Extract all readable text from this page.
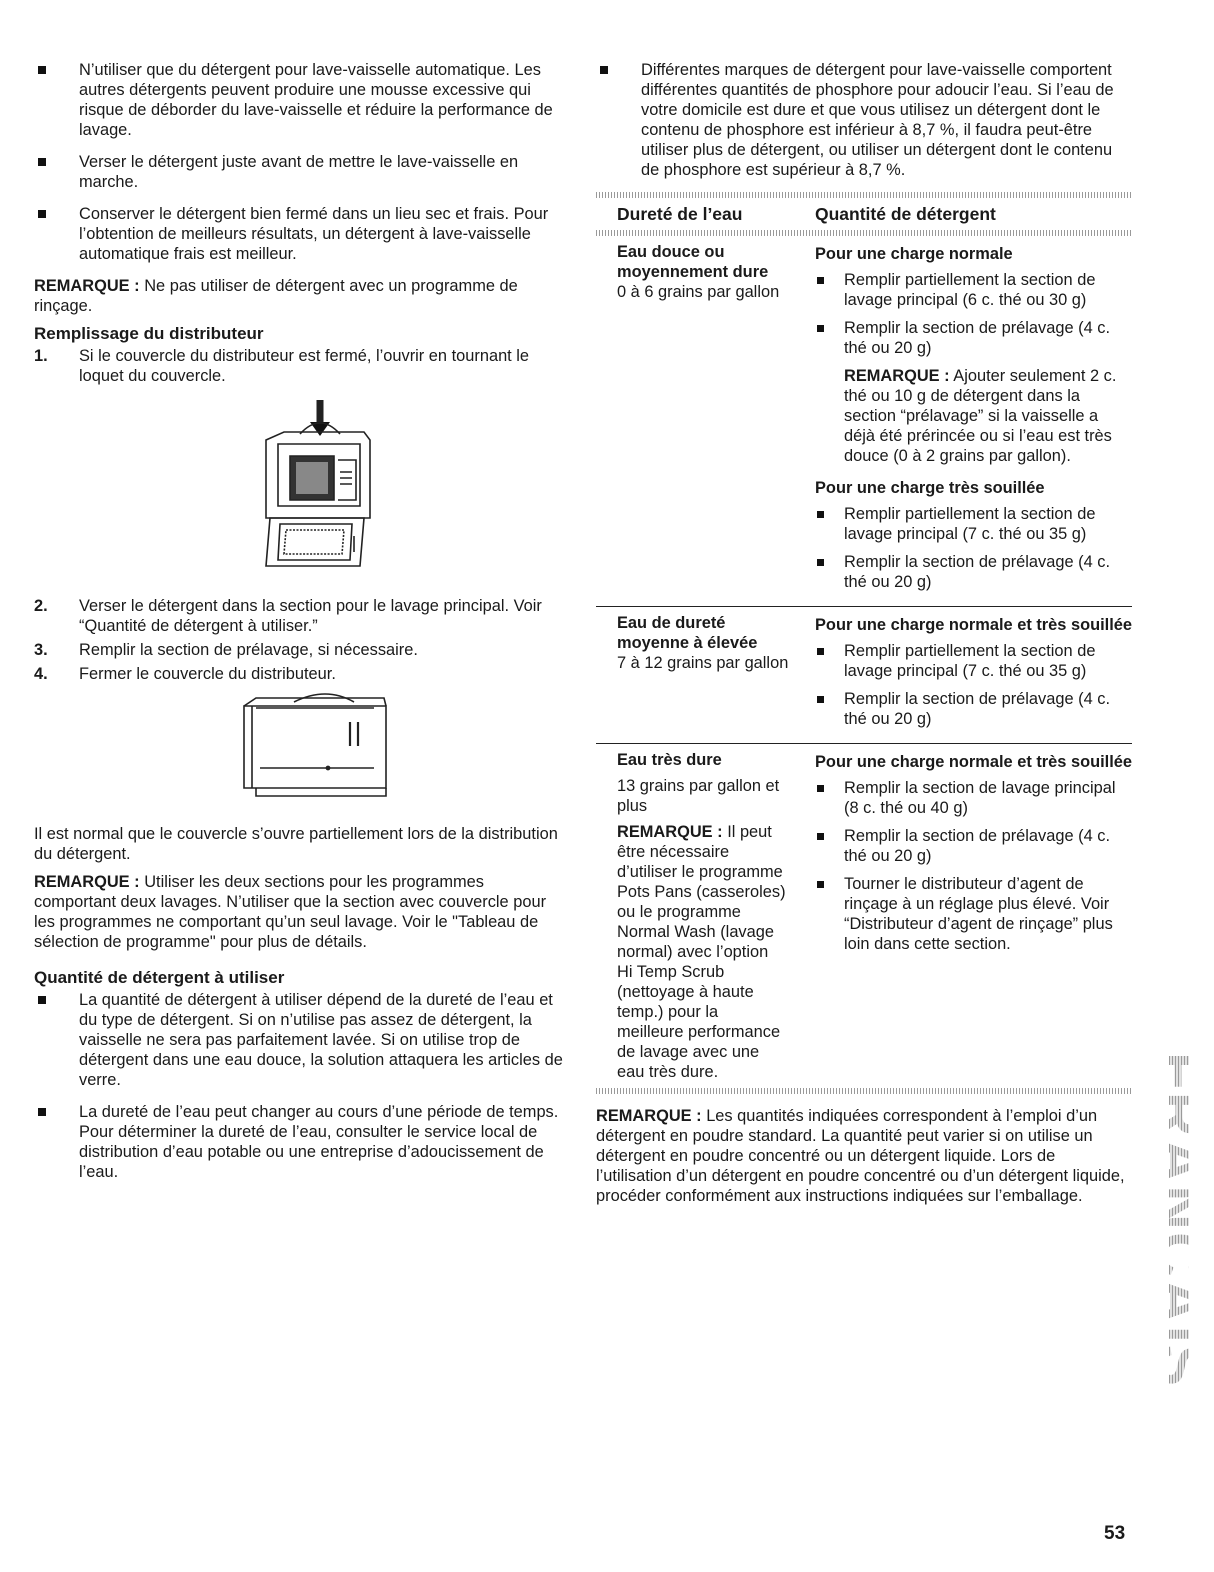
N’utiliser que du détergent pour lave-vaisselle automatique. Les autres détergents peuvent produire une mousse excessive qui risque de déborder du lave-vaisselle et réduire la performance de lavage.
Verser le détergent juste avant de mettre le lave-vaisselle en marche.
Conserver le détergent bien fermé dans un lieu sec et frais. Pour l’obtention de meilleurs résultats, un détergent à lave-vaisselle automatique frais est meilleur.

REMARQUE : Ne pas utiliser de détergent avec un programme de rinçage.

Remplissage du distributeur
1. Si le couvercle du distributeur est fermé, l’ouvrir en tournant le loquet du couvercle.
2. Verser le détergent dans la section pour le lavage principal. Voir “Quantité de détergent à utiliser.”
3. Remplir la section de prélavage, si nécessaire.
4. Fermer le couvercle du distributeur.

Il est normal que le couvercle s’ouvre partiellement lors de la distribution du détergent.

REMARQUE : Utiliser les deux sections pour les programmes comportant deux lavages. N’utiliser que la section avec couvercle pour les programmes ne comportant qu’un seul lavage. Voir le "Tableau de sélection de programme" pour plus de détails.

Quantité de détergent à utiliser
La quantité de détergent à utiliser dépend de la dureté de l’eau et du type de détergent. Si on n’utilise pas assez de détergent, la vaisselle ne sera pas parfaitement lavée. Si on utilise trop de détergent dans une eau douce, la solution attaquera les articles de verre.
La dureté de l’eau peut changer au cours d’une période de temps. Pour déterminer la dureté de l’eau, consulter le service local de distribution d’eau potable ou une entreprise d’adoucissement de l’eau.
Différentes marques de détergent pour lave-vaisselle comportent différentes quantités de phosphore pour adoucir l’eau. Si l’eau de votre domicile est dure et que vous utilisez un détergent dont le contenu de phosphore est inférieur à 8,7 %, il faudra peut-être utiliser plus de détergent, ou utiliser un détergent dont le contenu de phosphore est supérieur à 8,7 %.
Dureté de l’eau	Quantité de détergent

Eau douce ou moyennement dure

0 à 6 grains par gallon

Pour une charge normale

Remplir partiellement la section de lavage principal (6 c. thé ou 30 g)
Remplir la section de prélavage (4 c. thé ou 20 g)

REMARQUE : Ajouter seulement 2 c. thé ou 10 g de détergent dans la section “prélavage” si la vaisselle a déjà été prérincée ou si l’eau est très douce (0 à 2 grains par gallon).

Pour une charge très souillée

Remplir partiellement la section de lavage principal (7 c. thé ou 35 g)
Remplir la section de prélavage (4 c. thé ou 20 g)

Eau de dureté moyenne à élevée

7 à 12 grains par gallon

Pour une charge normale et très souillée

Remplir partiellement la section de lavage principal (7 c. thé ou 35 g)
Remplir la section de prélavage (4 c. thé ou 20 g)

Eau très dure

13 grains par gallon et plus

REMARQUE : Il peut être nécessaire d’utiliser le programme Pots Pans (casseroles) ou le programme Normal Wash (lavage normal) avec l’option Hi Temp Scrub (nettoyage à haute temp.) pour la meilleure performance de lavage avec une eau très dure.

Pour une charge normale et très souillée

Remplir la section de lavage principal (8 c. thé ou 40 g)
Remplir la section de prélavage (4 c. thé ou 20 g)
Tourner le distributeur d’agent de rinçage à un réglage plus élevé. Voir “Distributeur d’agent de rinçage” plus loin dans cette section.

REMARQUE : Les quantités indiquées correspondent à l’emploi d’un détergent en poudre standard. La quantité peut varier si on utilise un détergent en poudre concentré ou un détergent liquide. Lors de l’utilisation d’un détergent en poudre concentré ou d’un détergent liquide, procéder conformément aux instructions indiquées sur l’emballage.	FRANÇAIS
53
